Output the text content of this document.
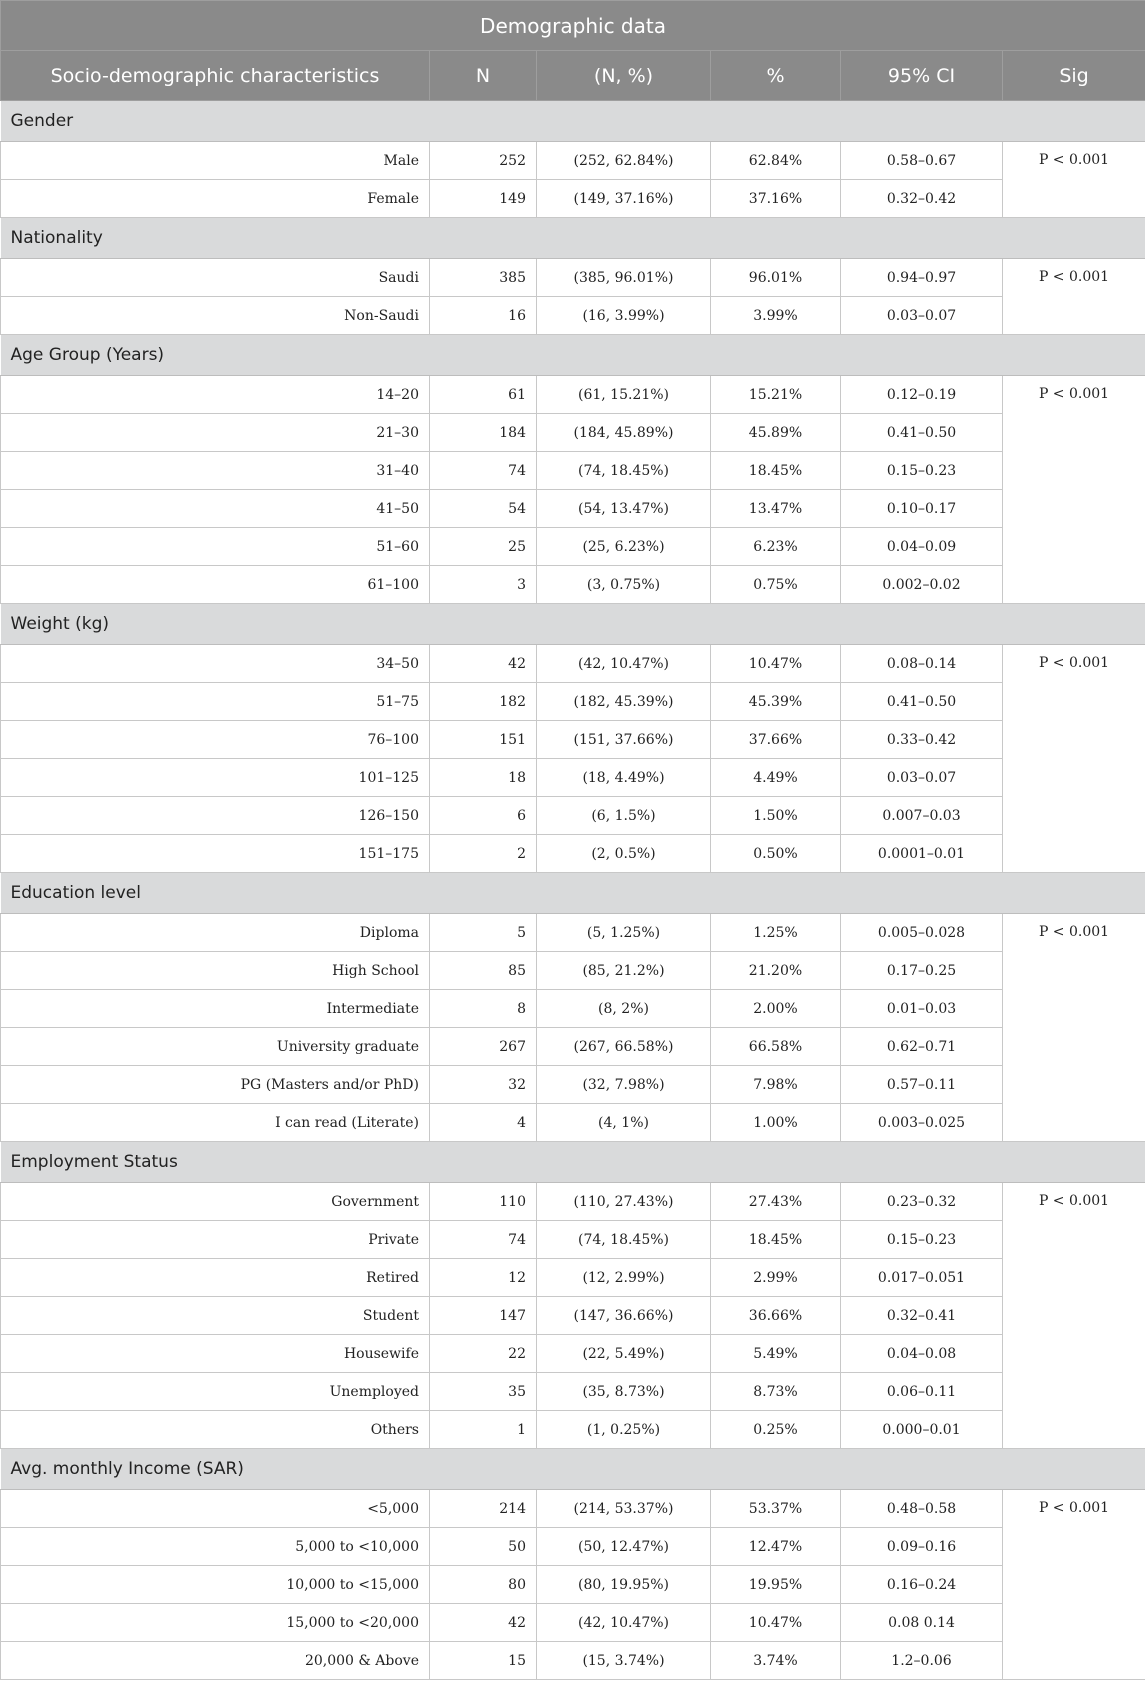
Demographic data					
Socio-demographic characteristics	N	(N, %)	%	95% CI	Sig
Gender					
Male	252	(252, 62.84%)	62.84%	0.58–0.67	P < 0.001
Female	149	(149, 37.16%)	37.16%	0.32–0.42	
Nationality					
Saudi	385	(385, 96.01%)	96.01%	0.94–0.97	P < 0.001
Non-Saudi	16	(16, 3.99%)	3.99%	0.03–0.07	
Age Group (Years)					
14–20	61	(61, 15.21%)	15.21%	0.12–0.19	P < 0.001
21–30	184	(184, 45.89%)	45.89%	0.41–0.50	
31–40	74	(74, 18.45%)	18.45%	0.15–0.23	
41–50	54	(54, 13.47%)	13.47%	0.10–0.17	
51–60	25	(25, 6.23%)	6.23%	0.04–0.09	
61–100	3	(3, 0.75%)	0.75%	0.002–0.02	
Weight (kg)					
34–50	42	(42, 10.47%)	10.47%	0.08–0.14	P < 0.001
51–75	182	(182, 45.39%)	45.39%	0.41–0.50	
76–100	151	(151, 37.66%)	37.66%	0.33–0.42	
101–125	18	(18, 4.49%)	4.49%	0.03–0.07	
126–150	6	(6, 1.5%)	1.50%	0.007–0.03	
151–175	2	(2, 0.5%)	0.50%	0.0001–0.01	
Education level					
Diploma	5	(5, 1.25%)	1.25%	0.005–0.028	P < 0.001
High School	85	(85, 21.2%)	21.20%	0.17–0.25	
Intermediate	8	(8, 2%)	2.00%	0.01–0.03	
University graduate	267	(267, 66.58%)	66.58%	0.62–0.71	
PG (Masters and/or PhD)	32	(32, 7.98%)	7.98%	0.57–0.11	
I can read (Literate)	4	(4, 1%)	1.00%	0.003–0.025	
Employment Status					
Government	110	(110, 27.43%)	27.43%	0.23–0.32	P < 0.001
Private	74	(74, 18.45%)	18.45%	0.15–0.23	
Retired	12	(12, 2.99%)	2.99%	0.017–0.051	
Student	147	(147, 36.66%)	36.66%	0.32–0.41	
Housewife	22	(22, 5.49%)	5.49%	0.04–0.08	
Unemployed	35	(35, 8.73%)	8.73%	0.06–0.11	
Others	1	(1, 0.25%)	0.25%	0.000–0.01	
Avg. monthly Income (SAR)					
<5,000	214	(214, 53.37%)	53.37%	0.48–0.58	P < 0.001
5,000 to <10,000	50	(50, 12.47%)	12.47%	0.09–0.16	
10,000 to <15,000	80	(80, 19.95%)	19.95%	0.16–0.24	
15,000 to <20,000	42	(42, 10.47%)	10.47%	0.08 0.14	
20,000 & Above	15	(15, 3.74%)	3.74%	1.2–0.06	
